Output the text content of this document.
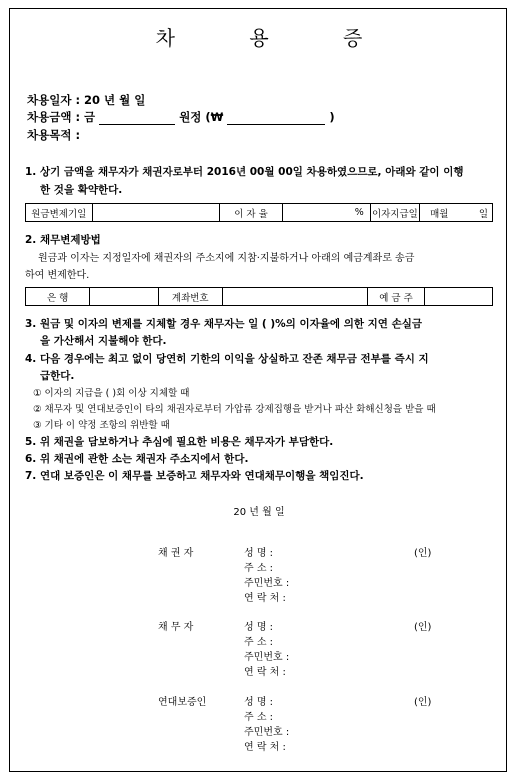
차 용 증
차용일자 : 20 년 월 일
차용금액 : 금	원정 (₩	)
차용목적 :
1. 상기 금액을 채무자가 채권자로부터 2016년 00월 00일 차용하였으므로, 아래와 같이 이행
한 것을 확약한다.
원금변제기일		이 자 율	%	이자지급일	매월	일
2. 채무변제방법
원금과 이자는 지정일자에 채권자의 주소지에 지참·지불하거나 아래의 예금계좌로 송금
하여 변제한다.
은 행		계좌번호		예 금 주	
3. 원금 및 이자의 변제를 지체할 경우 채무자는 일 ( )%의 이자율에 의한 지연 손실금
을 가산해서 지불해야 한다.
4. 다음 경우에는 최고 없이 당연히 기한의 이익을 상실하고 잔존 채무금 전부를 즉시 지
급한다.
① 이자의 지급을 ( )회 이상 지체할 때
② 채무자 및 연대보증인이 타의 채권자로부터 가압류 강제집행을 받거나 파산 화해신청을 받을 때
③ 기타 이 약정 조항의 위반할 때
5. 위 채권을 담보하거나 추심에 필요한 비용은 채무자가 부담한다.
6. 위 채권에 관한 소는 채권자 주소지에서 한다.
7. 연대 보증인은 이 채무를 보증하고 채무자와 연대채무이행을 책임진다.
20 년 월 일
채 권 자	성 명 :	(인)
주 소 :
주민번호 :
연 락 처 :
채 무 자	성 명 :	(인)
주 소 :
주민번호 :
연 락 처 :
연대보증인	성 명 :	(인)
주 소 :
주민번호 :
연 락 처 :
